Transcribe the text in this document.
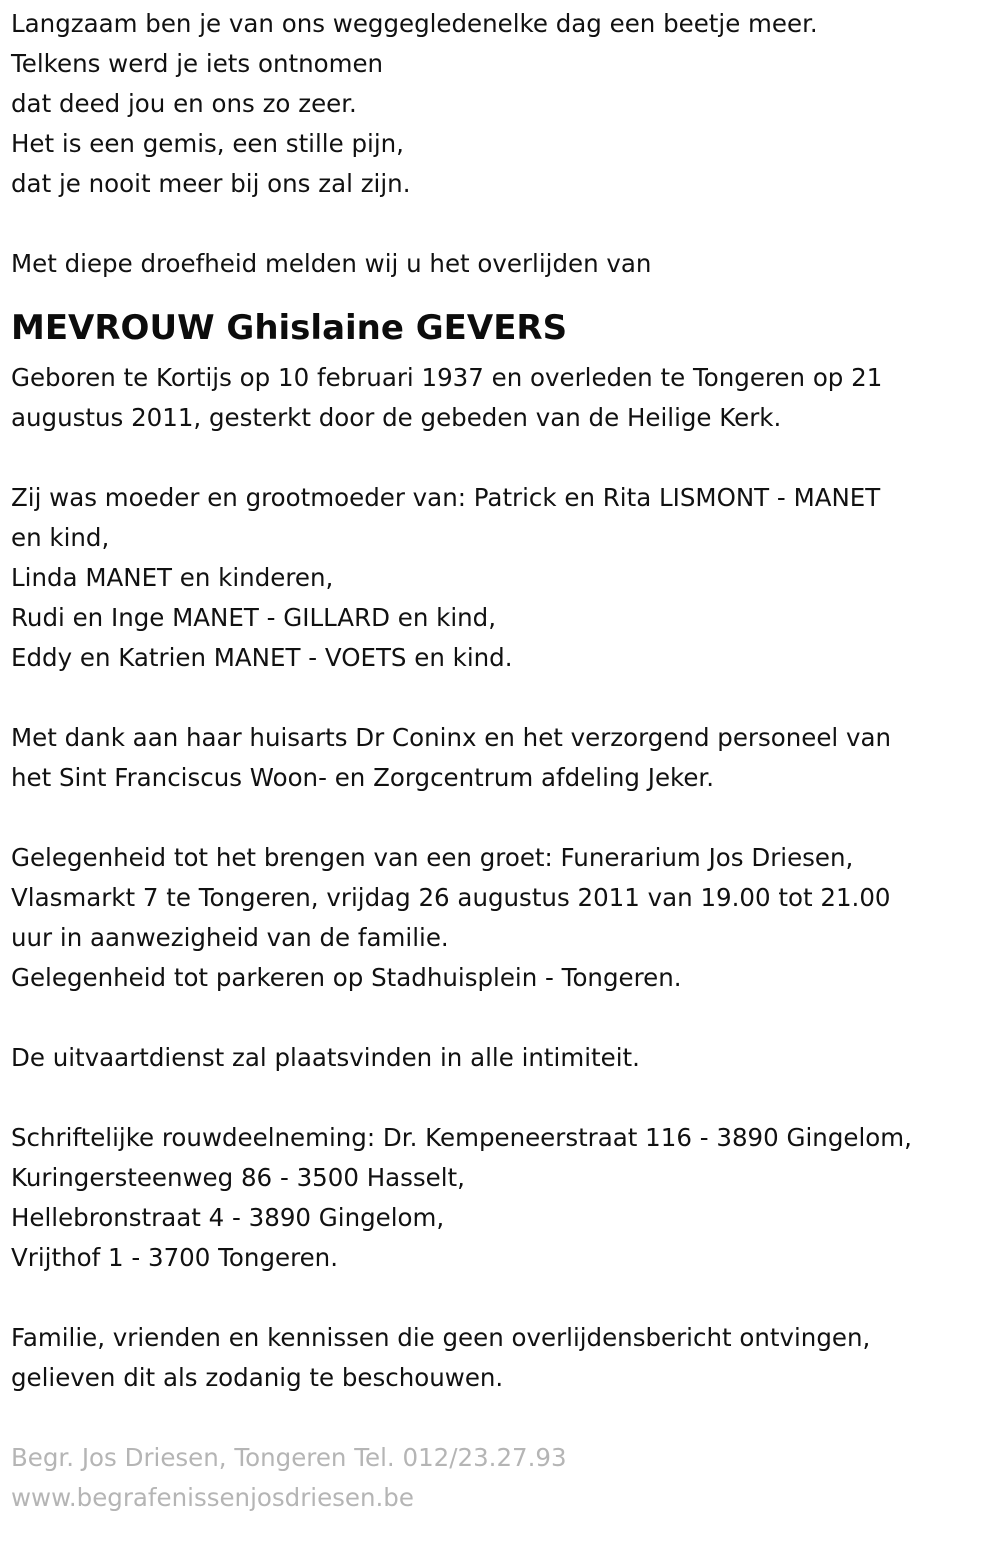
Langzaam ben je van ons weggegledenelke dag een beetje meer.
Telkens werd je iets ontnomen
dat deed jou en ons zo zeer.
Het is een gemis, een stille pijn,
dat je nooit meer bij ons zal zijn.
Met diepe droefheid melden wij u het overlijden van
MEVROUW Ghislaine GEVERS
Geboren te Kortijs op 10 februari 1937 en overleden te Tongeren op 21
augustus 2011, gesterkt door de gebeden van de Heilige Kerk.
Zij was moeder en grootmoeder van: Patrick en Rita LISMONT - MANET
en kind,
Linda MANET en kinderen,
Rudi en Inge MANET - GILLARD en kind,
Eddy en Katrien MANET - VOETS en kind.
Met dank aan haar huisarts Dr Coninx en het verzorgend personeel van
het Sint Franciscus Woon- en Zorgcentrum afdeling Jeker.
Gelegenheid tot het brengen van een groet: Funerarium Jos Driesen,
Vlasmarkt 7 te Tongeren, vrijdag 26 augustus 2011 van 19.00 tot 21.00
uur in aanwezigheid van de familie.
Gelegenheid tot parkeren op Stadhuisplein - Tongeren.
De uitvaartdienst zal plaatsvinden in alle intimiteit.
Schriftelijke rouwdeelneming: Dr. Kempeneerstraat 116 - 3890 Gingelom,
Kuringersteenweg 86 - 3500 Hasselt,
Hellebronstraat 4 - 3890 Gingelom,
Vrijthof 1 - 3700 Tongeren.
Familie, vrienden en kennissen die geen overlijdensbericht ontvingen,
gelieven dit als zodanig te beschouwen.
Begr. Jos Driesen, Tongeren Tel. 012/23.27.93
www.begrafenissenjosdriesen.be
